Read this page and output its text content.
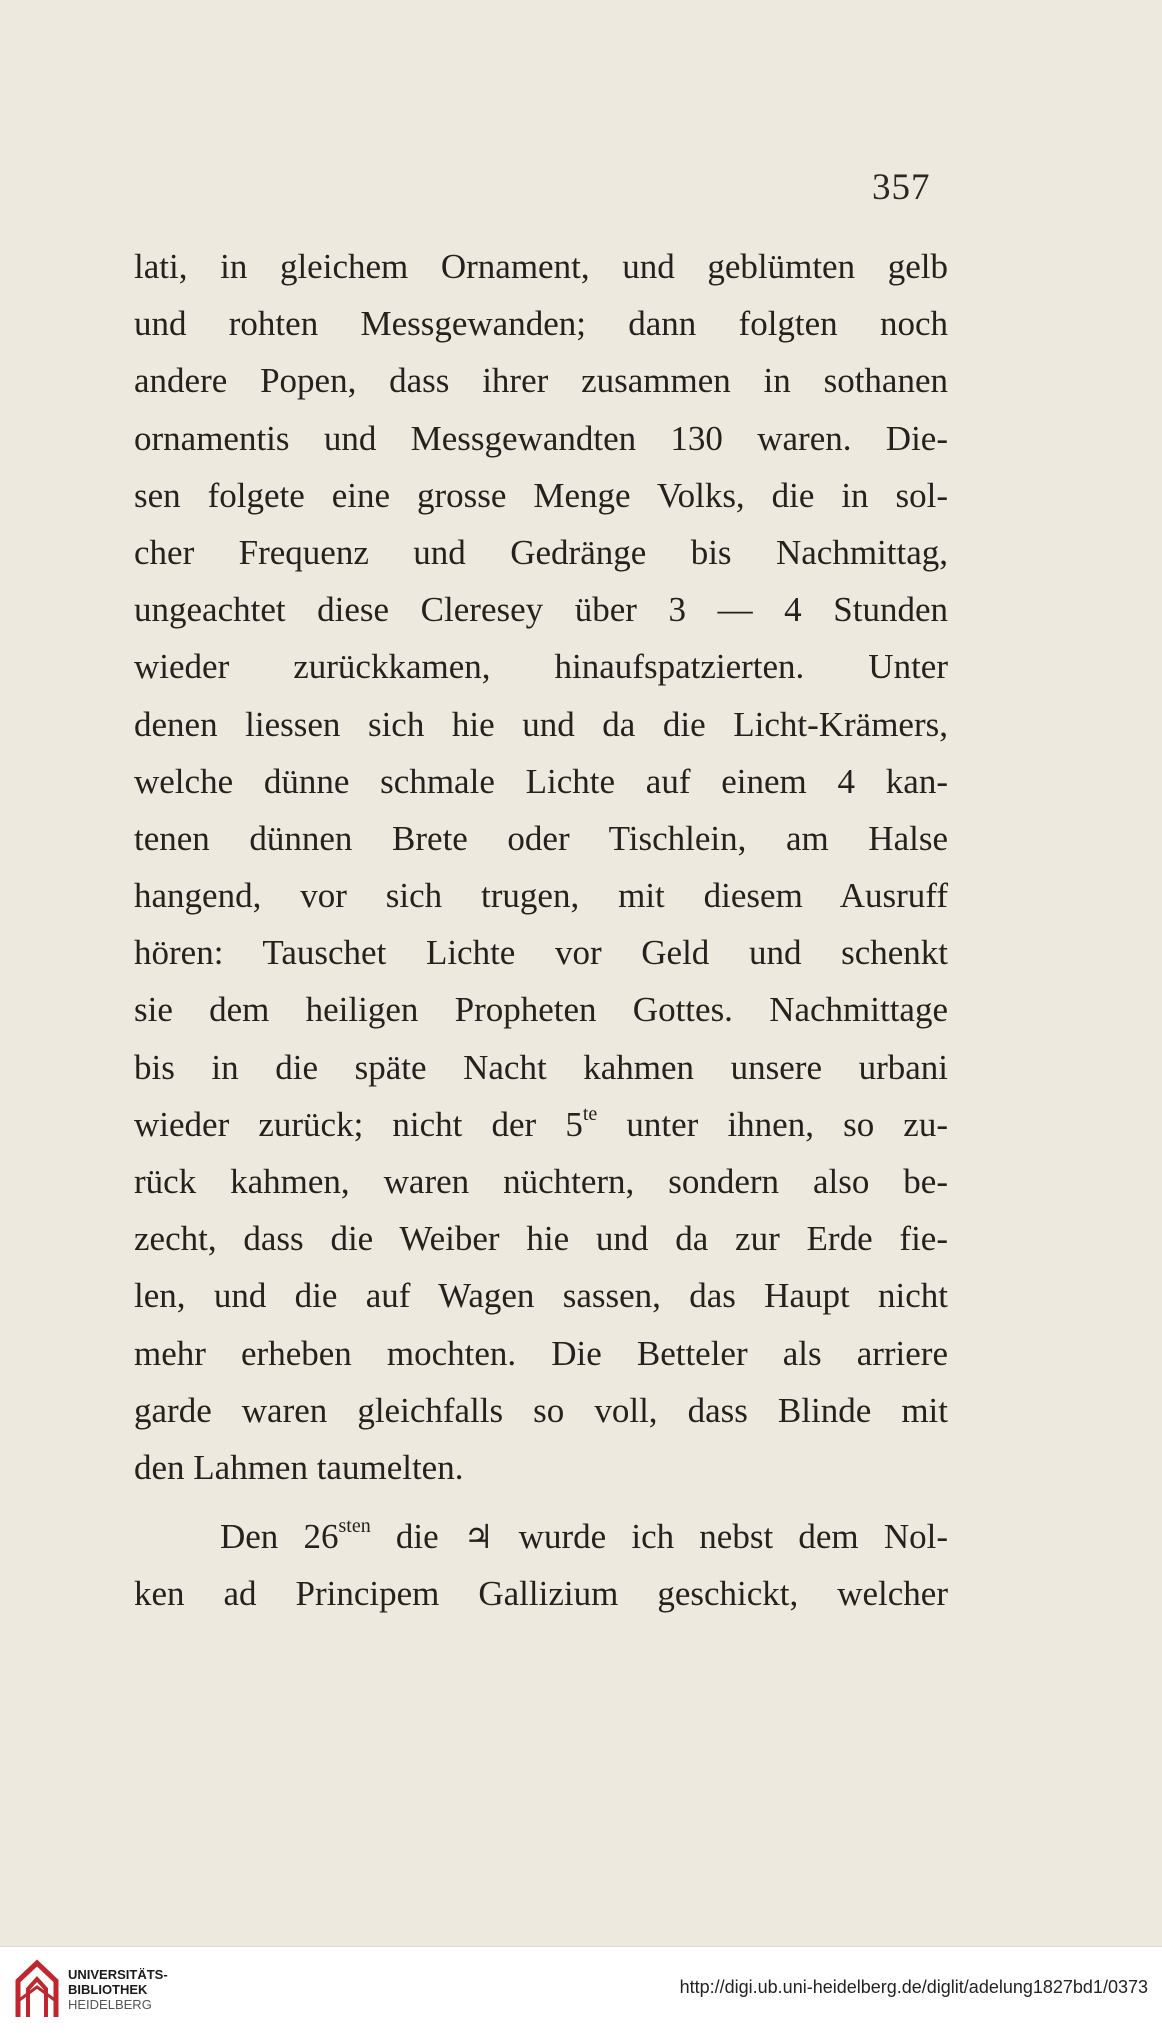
357
lati, in gleichem Ornament, und geblümten gelb
und rohten Messgewanden; dann folgten noch
andere Popen, dass ihrer zusammen in sothanen
ornamentis und Messgewandten 130 waren. Die-
sen folgete eine grosse Menge Volks, die in sol-
cher Frequenz und Gedränge bis Nachmittag,
ungeachtet diese Cleresey über 3 — 4 Stunden
wieder zurückkamen, hinaufspatzierten. Unter
denen liessen sich hie und da die Licht-Krämers,
welche dünne schmale Lichte auf einem 4 kan-
tenen dünnen Brete oder Tischlein, am Halse
hangend, vor sich trugen, mit diesem Ausruff
hören: Tauschet Lichte vor Geld und schenkt
sie dem heiligen Propheten Gottes. Nachmittage
bis in die späte Nacht kahmen unsere urbani
wieder zurück; nicht der $5^{te}$ unter ihnen, so zu-
rück kahmen, waren nüchtern, sondern also be-
zecht, dass die Weiber hie und da zur Erde fie-
len, und die auf Wagen sassen, das Haupt nicht
mehr erheben mochten. Die Betteler als arriere
garde waren gleichfalls so voll, dass Blinde mit
den Lahmen taumelten.
Den $26^{sten}$ die ♃ wurde ich nebst dem Nol-
ken ad Principem Gallizium geschickt, welcher
UNIVERSITÄTS-
BIBLIOTHEK
HEIDELBERG
http://digi.ub.uni-heidelberg.de/diglit/adelung1827bd1/0373
